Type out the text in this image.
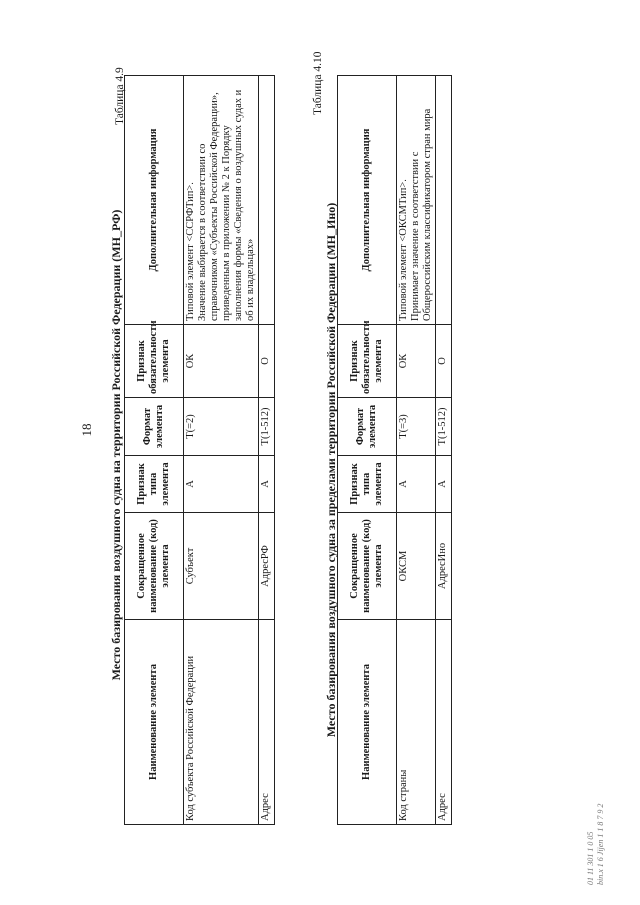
18
Таблица 4.9
Место базирования воздушного судна на территории Российской Федерации (МН_РФ)
Наименование элемента	Сокращенное наименование (код) элемента	Признак типа элемента	Формат элемента	Признак обязательности элемента	Дополнительная информация
Код субъекта Российской Федерации	Субъект	А	T(=2)	ОК	Типовой элемент <ССРФТип>.
Значение выбирается в соответствии со справочником «Субъекты Российской Федерации», приведенным в приложении № 2 к Порядку заполнения формы «Сведения о воздушных судах и об их владельцах»
Адрес	АдресРФ	А	T(1-512)	О	
Таблица 4.10
Место базирования воздушного судна за пределами территории Российской Федерации (МН_Ино) Наименование элемента	Сокращенное наименование (код) элемента	Признак типа элемента	Формат элемента	Признак обязательности элемента	Дополнительная информация
Код страны	ОКСМ	А	T(=3)	ОК	Типовой элемент <ОКСМТип>.
Принимает значение в соответствии с Общероссийским классификатором стран мира
Адрес	АдресИно	А	T(1-512)	О	
01 11 301 1 0 05 bin.x 1 6 Jijen 1 1 8 7 9 2
